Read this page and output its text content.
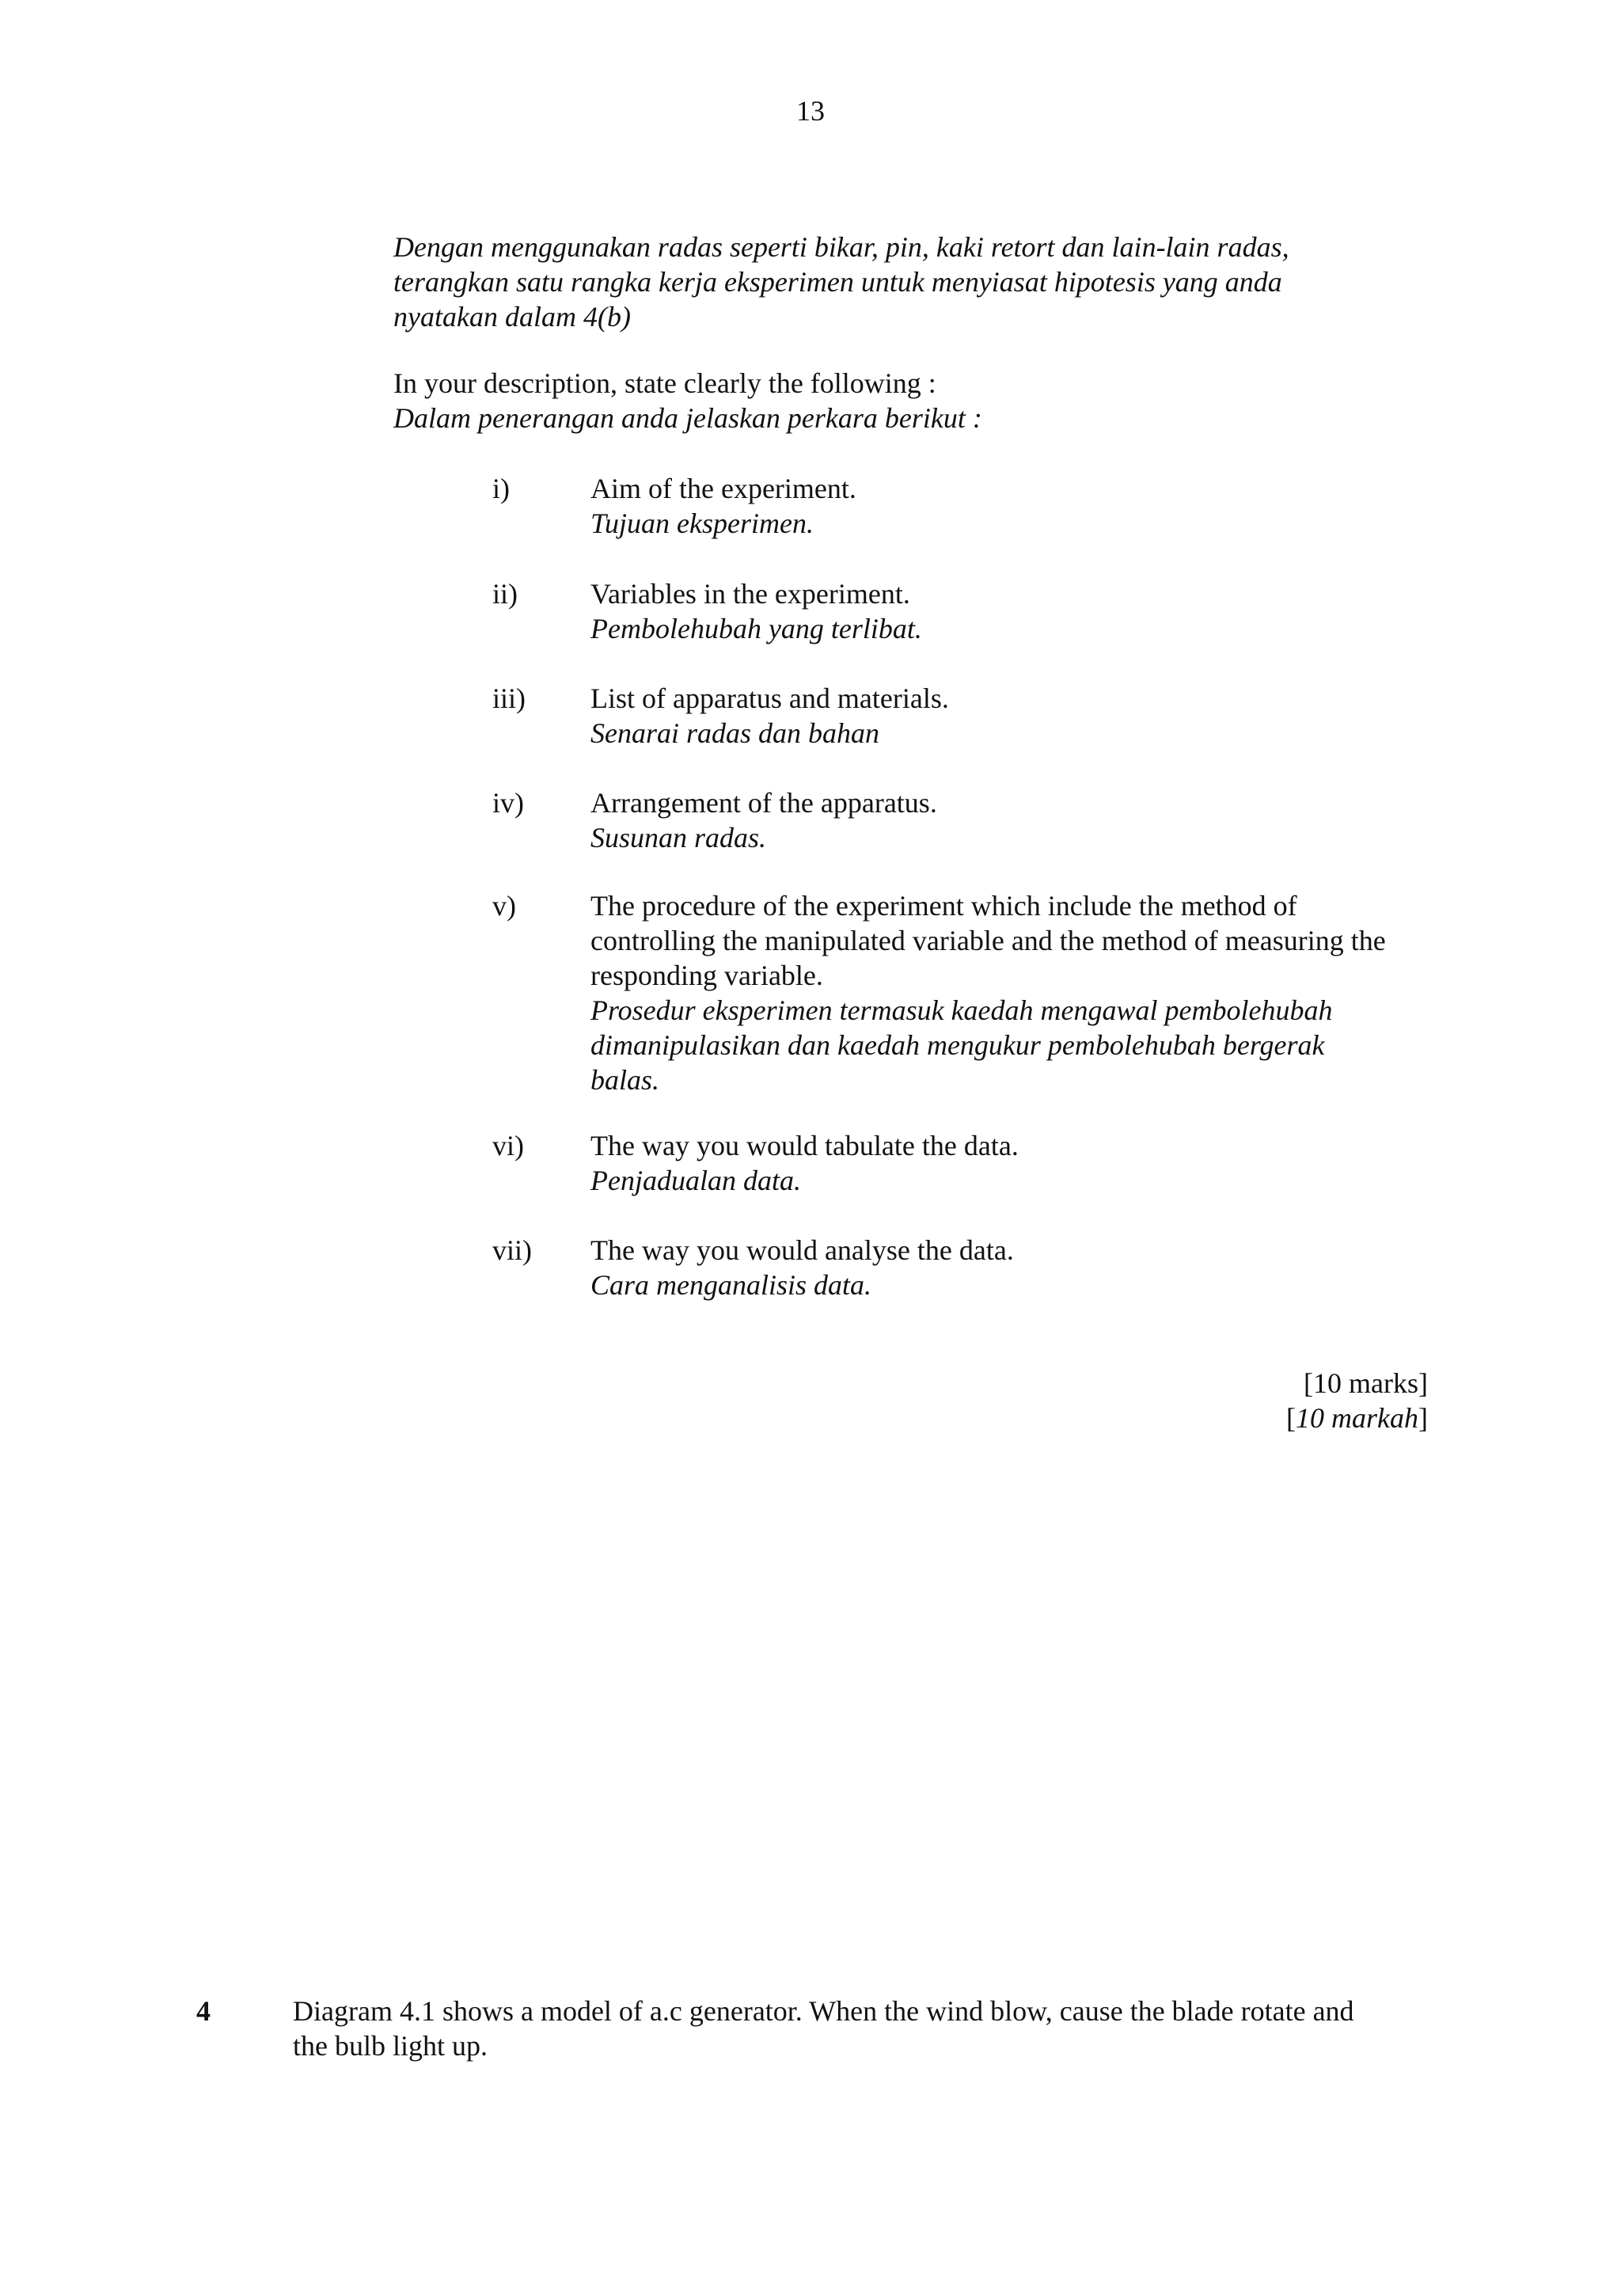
13
Dengan menggunakan radas seperti bikar, pin, kaki retort dan lain-lain radas,
terangkan satu rangka kerja eksperimen untuk menyiasat hipotesis yang anda
nyatakan dalam 4(b)
In your description, state clearly the following :
Dalam penerangan anda jelaskan perkara berikut :
i)	Aim of the experiment.
Tujuan eksperimen.
ii)	Variables in the experiment.
Pembolehubah yang terlibat.
iii) List of apparatus and materials.
Senarai radas dan bahan
iv) Arrangement of the apparatus.
Susunan radas.
v)	The procedure of the experiment which include the method of
controlling the manipulated variable and the method of measuring the
responding variable.
Prosedur eksperimen termasuk kaedah mengawal pembolehubah
dimanipulasikan dan kaedah mengukur pembolehubah bergerak
balas.
vi) The way you would tabulate the data.
Penjadualan data.
vii) The way you would analyse the data.
Cara menganalisis data.
[10 marks]
[10 markah]
4	Diagram 4.1 shows a model of a.c generator. When the wind blow, cause the blade rotate and
the bulb light up.
